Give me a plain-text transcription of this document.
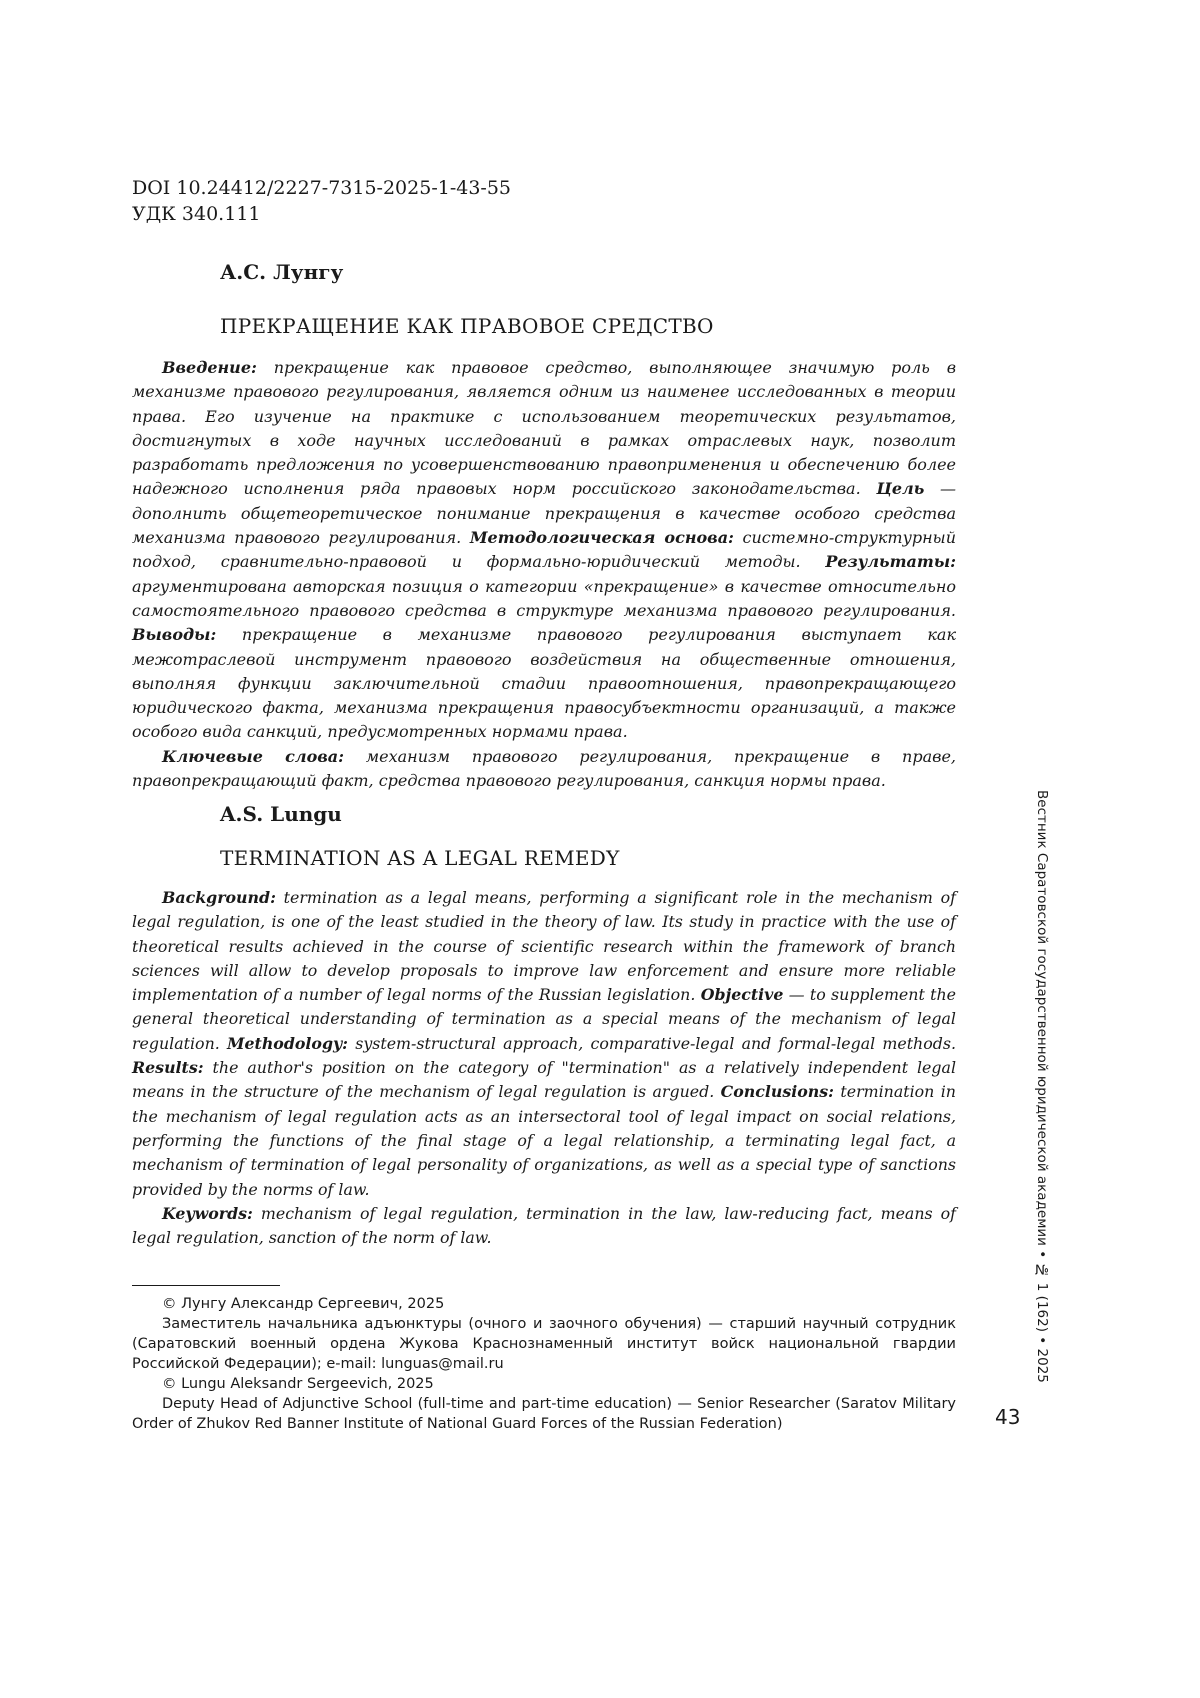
DOI 10.24412/2227-7315-2025-1-43-55
УДК 340.111
А.С. Лунгу
ПРЕКРАЩЕНИЕ КАК ПРАВОВОЕ СРЕДСТВО

Введение: прекращение как правовое средство, выполняющее значимую роль в механизме правового регулирования, является одним из наименее исследованных в теории права. Его изучение на практике с использованием теоретических результатов, достигнутых в ходе научных исследований в рамках отраслевых наук, позволит разработать предложения по усовершенствованию правоприменения и обеспечению более надежного исполнения ряда правовых норм российского законодательства. Цель — дополнить общетеоретическое понимание прекращения в качестве особого средства механизма правового регулирования. Методологическая основа: системно-структурный подход, сравнительно-правовой и формально-юридический методы. Результаты: аргументирована авторская позиция о категории «прекращение» в качестве относительно самостоятельного правового средства в структуре механизма правового регулирования. Выводы: прекращение в механизме правового регулирования выступает как межотраслевой инструмент правового воздействия на общественные отношения, выполняя функции заключительной стадии правоотношения, правопрекращающего юридического факта, механизма прекращения правосубъектности организаций, а также особого вида санкций, предусмотренных нормами права.

Ключевые слова: механизм правового регулирования, прекращение в праве, правопрекращающий факт, средства правового регулирования, санкция нормы права.

A.S. Lungu
TERMINATION AS A LEGAL REMEDY

Background: termination as a legal means, performing a significant role in the mechanism of legal regulation, is one of the least studied in the theory of law. Its study in practice with the use of theoretical results achieved in the course of scientific research within the framework of branch sciences will allow to develop proposals to improve law enforcement and ensure more reliable implementation of a number of legal norms of the Russian legislation. Objective — to supplement the general theoretical understanding of termination as a special means of the mechanism of legal regulation. Methodology: system-structural approach, comparative-legal and formal-legal methods. Results: the author's position on the category of "termination" as a relatively independent legal means in the structure of the mechanism of legal regulation is argued. Conclusions: termination in the mechanism of legal regulation acts as an intersectoral tool of legal impact on social relations, performing the functions of the final stage of a legal relationship, a terminating legal fact, a mechanism of termination of legal personality of organizations, as well as a special type of sanctions provided by the norms of law.

Keywords: mechanism of legal regulation, termination in the law, law-reducing fact, means of legal regulation, sanction of the norm of law.

© Лунгу Александр Сергеевич, 2025

Заместитель начальника адъюнктуры (очного и заочного обучения) — старший научный сотрудник (Саратовский военный ордена Жукова Краснознаменный институт войск национальной гвардии Российской Федерации); e-mail: lunguas@mail.ru

© Lungu Aleksandr Sergeevich, 2025

Deputy Head of Adjunctive School (full-time and part-time education) — Senior Researcher (Saratov Military Order of Zhukov Red Banner Institute of National Guard Forces of the Russian Federation)

Вестник Саратовской государственной юридической академии • № 1 (162) • 2025
43
